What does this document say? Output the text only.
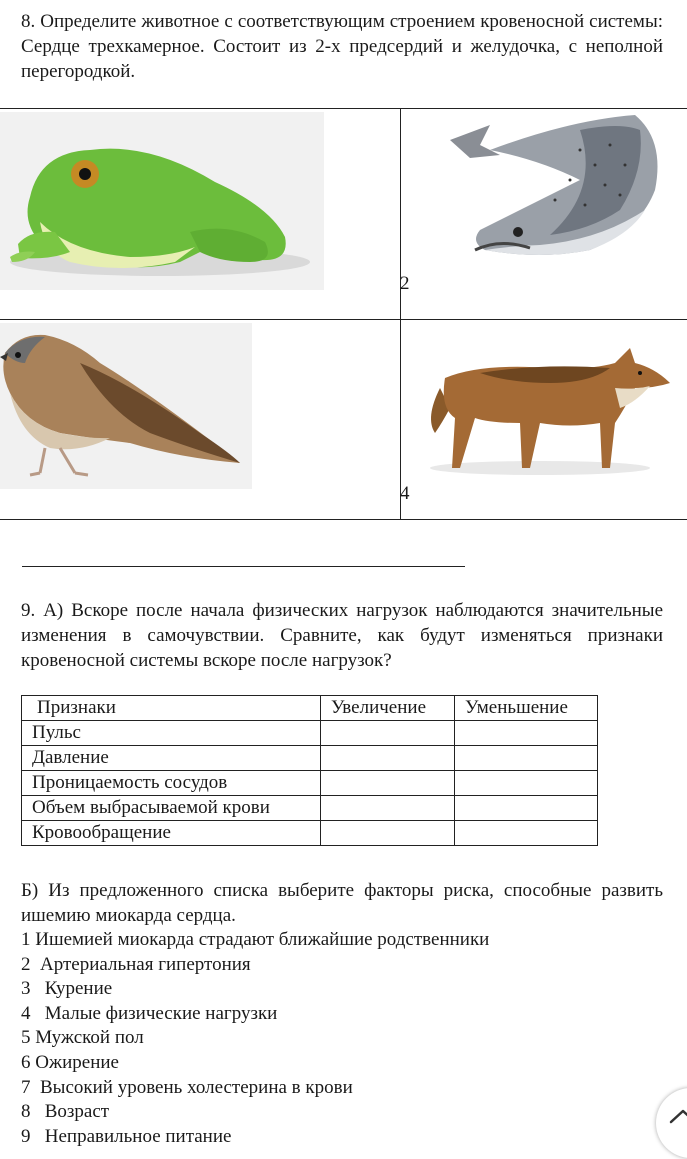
8. Определите животное с соответствующим строением кровеносной системы: Сердце трехкамерное. Состоит из 2-х предсердий и желудочка, с неполной перегородкой.
2
4
9. А) Вскоре после начала физических нагрузок наблюдаются значительные изменения в самочувствии. Сравните, как будут изменяться признаки кровеносной системы вскоре после нагрузок?
Признаки	Увеличение	Уменьшение
Пульс		
Давление		
Проницаемость сосудов		
Объем выбрасываемой крови		
Кровообращение		
Б) Из предложенного списка выберите факторы риска, способные развить ишемию миокарда сердца.
1 Ишемией миокарда страдают ближайшие родственники
2  Артериальная гипертония
3   Курение
4   Малые физические нагрузки
5 Мужской пол
6 Ожирение
7  Высокий уровень холестерина в крови
8   Возраст
9   Неправильное питание
